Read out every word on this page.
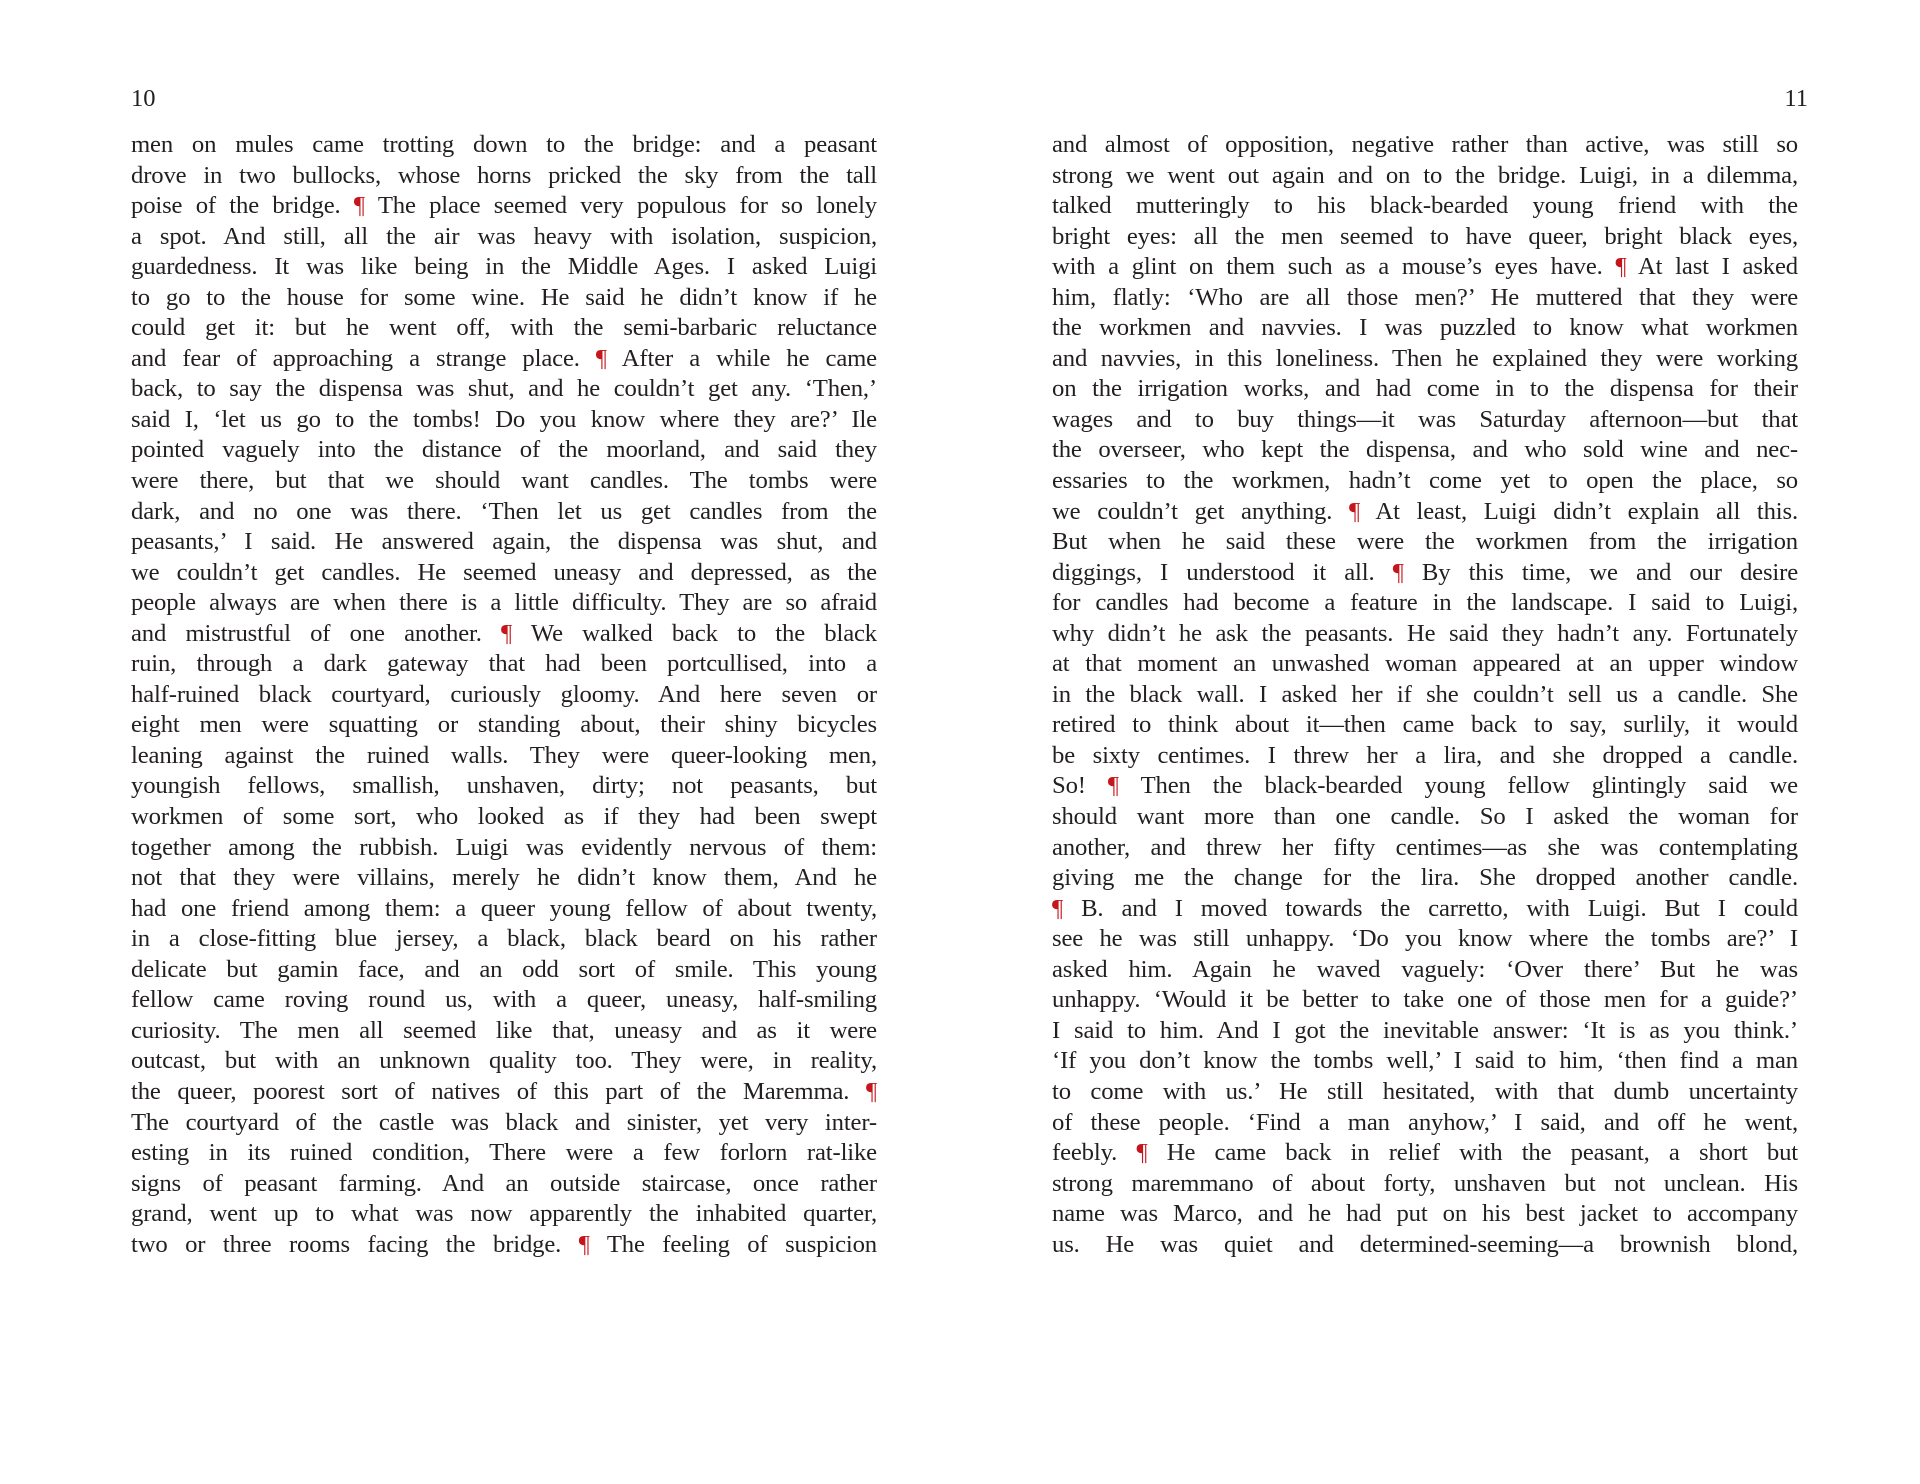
10
men on mules came trotting down to the bridge: and a peasant
drove in two bullocks, whose horns pricked the sky from the tall
poise of the bridge. ¶ The place seemed very populous for so lonely
a spot. And still, all the air was heavy with isolation, suspicion,
guardedness. It was like being in the Middle Ages. I asked Luigi
to go to the house for some wine. He said he didn’t know if he
could get it: but he went off, with the semi-barbaric reluctance
and fear of approaching a strange place. ¶ After a while he came
back, to say the dispensa was shut, and he couldn’t get any. ‘Then,’
said I, ‘let us go to the tombs! Do you know where they are?’ Ile
pointed vaguely into the distance of the moorland, and said they
were there, but that we should want candles. The tombs were
dark, and no one was there. ‘Then let us get candles from the
peasants,’ I said. He answered again, the dispensa was shut, and
we couldn’t get candles. He seemed uneasy and depressed, as the
people always are when there is a little difficulty. They are so afraid
and mistrustful of one another. ¶ We walked back to the black
ruin, through a dark gateway that had been portcullised, into a
half-ruined black courtyard, curiously gloomy. And here seven or
eight men were squatting or standing about, their shiny bicycles
leaning against the ruined walls. They were queer-looking men,
youngish fellows, smallish, unshaven, dirty; not peasants, but
workmen of some sort, who looked as if they had been swept
together among the rubbish. Luigi was evidently nervous of them:
not that they were villains, merely he didn’t know them, And he
had one friend among them: a queer young fellow of about twenty,
in a close-fitting blue jersey, a black, black beard on his rather
delicate but gamin face, and an odd sort of smile. This young
fellow came roving round us, with a queer, uneasy, half-smiling
curiosity. The men all seemed like that, uneasy and as it were
outcast, but with an unknown quality too. They were, in reality,
the queer, poorest sort of natives of this part of the Maremma. ¶
The courtyard of the castle was black and sinister, yet very inter-
esting in its ruined condition, There were a few forlorn rat-like
signs of peasant farming. And an outside staircase, once rather
grand, went up to what was now apparently the inhabited quarter,
two or three rooms facing the bridge. ¶ The feeling of suspicion
11
and almost of opposition, negative rather than active, was still so
strong we went out again and on to the bridge. Luigi, in a dilemma,
talked mutteringly to his black-bearded young friend with the
bright eyes: all the men seemed to have queer, bright black eyes,
with a glint on them such as a mouse’s eyes have. ¶ At last I asked
him, flatly: ‘Who are all those men?’ He muttered that they were
the workmen and navvies. I was puzzled to know what workmen
and navvies, in this loneliness. Then he explained they were working
on the irrigation works, and had come in to the dispensa for their
wages and to buy things—it was Saturday afternoon—but that
the overseer, who kept the dispensa, and who sold wine and nec-
essaries to the workmen, hadn’t come yet to open the place, so
we couldn’t get anything. ¶ At least, Luigi didn’t explain all this.
But when he said these were the workmen from the irrigation
diggings, I understood it all. ¶ By this time, we and our desire
for candles had become a feature in the landscape. I said to Luigi,
why didn’t he ask the peasants. He said they hadn’t any. Fortunately
at that moment an unwashed woman appeared at an upper window
in the black wall. I asked her if she couldn’t sell us a candle. She
retired to think about it—then came back to say, surlily, it would
be sixty centimes. I threw her a lira, and she dropped a candle.
So! ¶ Then the black-bearded young fellow glintingly said we
should want more than one candle. So I asked the woman for
another, and threw her fifty centimes—as she was contemplating
giving me the change for the lira. She dropped another candle.
¶ B. and I moved towards the carretto, with Luigi. But I could
see he was still unhappy. ‘Do you know where the tombs are?’ I
asked him. Again he waved vaguely: ‘Over there’ But he was
unhappy. ‘Would it be better to take one of those men for a guide?’
I said to him. And I got the inevitable answer: ‘It is as you think.’
‘If you don’t know the tombs well,’ I said to him, ‘then find a man
to come with us.’ He still hesitated, with that dumb uncertainty
of these people. ‘Find a man anyhow,’ I said, and off he went,
feebly. ¶ He came back in relief with the peasant, a short but
strong maremmano of about forty, unshaven but not unclean. His
name was Marco, and he had put on his best jacket to accompany
us. He was quiet and determined-seeming—a brownish blond,
